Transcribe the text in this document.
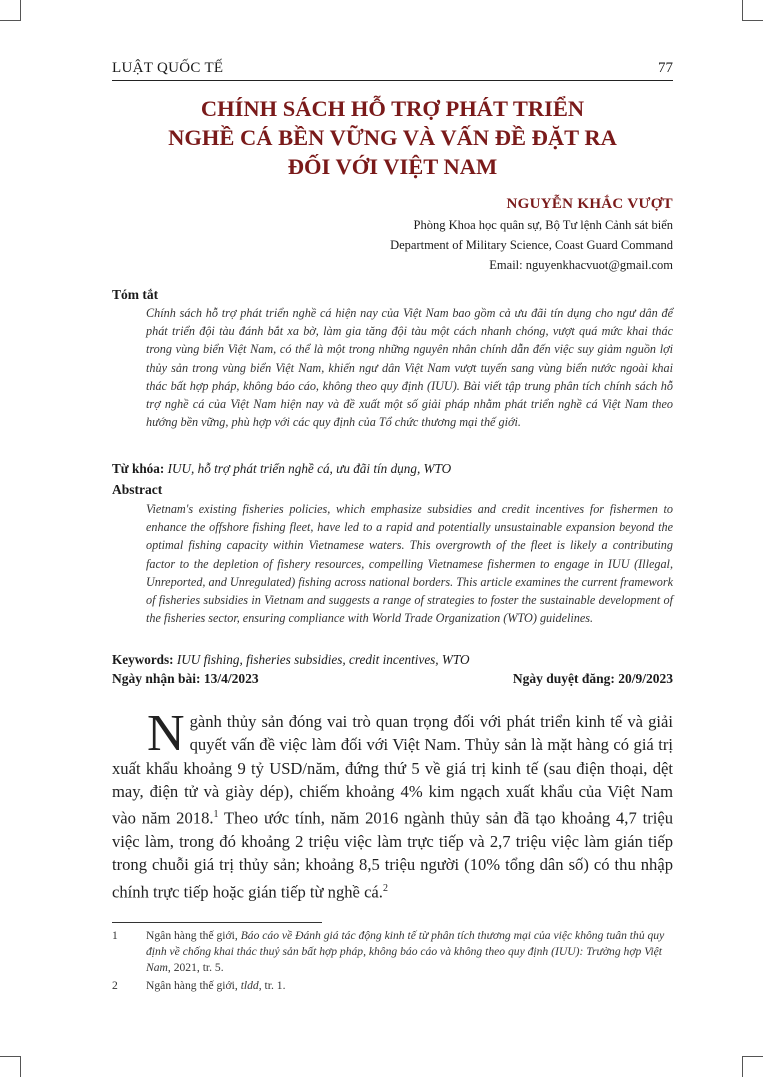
LUẬT QUỐC TẾ	77
CHÍNH SÁCH HỖ TRỢ PHÁT TRIỂN
NGHỀ CÁ BỀN VỮNG VÀ VẤN ĐỀ ĐẶT RA
ĐỐI VỚI VIỆT NAM
NGUYỄN KHẮC VƯỢT
Phòng Khoa học quân sự, Bộ Tư lệnh Cảnh sát biển
Department of Military Science, Coast Guard Command
Email: nguyenkhacvuot@gmail.com
Tóm tắt

Chính sách hỗ trợ phát triển nghề cá hiện nay của Việt Nam bao gồm cả ưu đãi tín dụng cho ngư dân để phát triển đội tàu đánh bắt xa bờ, làm gia tăng đội tàu một cách nhanh chóng, vượt quá mức khai thác trong vùng biển Việt Nam, có thể là một trong những nguyên nhân chính dẫn đến việc suy giảm nguồn lợi thủy sản trong vùng biển Việt Nam, khiến ngư dân Việt Nam vượt tuyến sang vùng biển nước ngoài khai thác bất hợp pháp, không báo cáo, không theo quy định (IUU). Bài viết tập trung phân tích chính sách hỗ trợ nghề cá của Việt Nam hiện nay và đề xuất một số giải pháp nhằm phát triển nghề cá Việt Nam theo hướng bền vững, phù hợp với các quy định của Tổ chức thương mại thế giới.

Từ khóa: IUU, hỗ trợ phát triển nghề cá, ưu đãi tín dụng, WTO
Abstract

Vietnam's existing fisheries policies, which emphasize subsidies and credit incentives for fishermen to enhance the offshore fishing fleet, have led to a rapid and potentially unsustainable expansion beyond the optimal fishing capacity within Vietnamese waters. This overgrowth of the fleet is likely a contributing factor to the depletion of fishery resources, compelling Vietnamese fishermen to engage in IUU (Illegal, Unreported, and Unregulated) fishing across national borders. This article examines the current framework of fisheries subsidies in Vietnam and suggests a range of strategies to foster the sustainable development of the fisheries sector, ensuring compliance with World Trade Organization (WTO) guidelines.

Keywords: IUU fishing, fisheries subsidies, credit incentives, WTO
Ngày nhận bài: 13/4/2023	Ngày duyệt đăng: 20/9/2023
Ngành thủy sản đóng vai trò quan trọng đối với phát triển kinh tế và giải quyết vấn đề việc làm đối với Việt Nam. Thủy sản là mặt hàng có giá trị xuất khẩu khoảng 9 tỷ USD/năm, đứng thứ 5 về giá trị kinh tế (sau điện thoại, dệt may, điện tử và giày dép), chiếm khoảng 4% kim ngạch xuất khẩu của Việt Nam vào năm 2018.$^1$ Theo ước tính, năm 2016 ngành thủy sản đã tạo khoảng 4,7 triệu việc làm, trong đó khoảng 2 triệu việc làm trực tiếp và 2,7 triệu việc làm gián tiếp trong chuỗi giá trị thủy sản; khoảng 8,5 triệu người (10% tổng dân số) có thu nhập chính trực tiếp hoặc gián tiếp từ nghề cá.$^2$
1 Ngân hàng thế giới, Báo cáo về Đánh giá tác động kinh tế từ phân tích thương mại của việc không tuân thủ quy định về chống khai thác thuỷ sản bất hợp pháp, không báo cáo và không theo quy định (IUU): Trường hợp Việt Nam, 2021, tr. 5.
2 Ngân hàng thế giới, tldd, tr. 1.
